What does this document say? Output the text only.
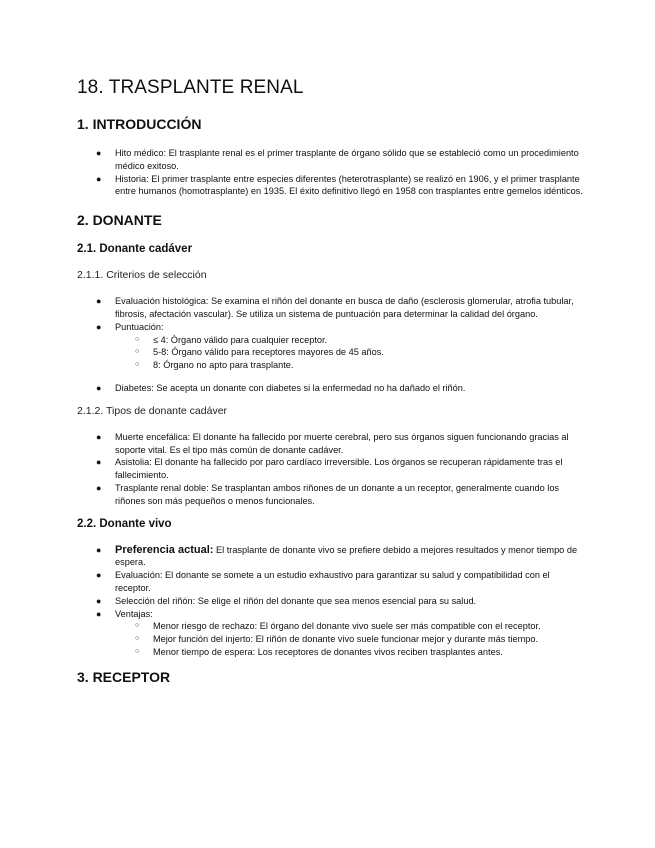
18. TRASPLANTE RENAL
1. INTRODUCCIÓN
● Hito médico: El trasplante renal es el primer trasplante de órgano sólido que se estableció como un procedimiento médico exitoso.
● Historia: El primer trasplante entre especies diferentes (heterotrasplante) se realizó en 1906, y el primer trasplante entre humanos (homotrasplante) en 1935. El éxito definitivo llegó en 1958 con trasplantes entre gemelos idénticos.
2. DONANTE
2.1. Donante cadáver
2.1.1. Criterios de selección
● Evaluación histológica: Se examina el riñón del donante en busca de daño (esclerosis glomerular, atrofia tubular, fibrosis, afectación vascular). Se utiliza un sistema de puntuación para determinar la calidad del órgano.
● Puntuación:
○ ≤ 4: Órgano válido para cualquier receptor.
○ 5-8: Órgano válido para receptores mayores de 45 años.
○ 8: Órgano no apto para trasplante.
● Diabetes: Se acepta un donante con diabetes si la enfermedad no ha dañado el riñón.
2.1.2. Tipos de donante cadáver
● Muerte encefálica: El donante ha fallecido por muerte cerebral, pero sus órganos siguen funcionando gracias al soporte vital. Es el tipo más común de donante cadáver.
● Asistolia: El donante ha fallecido por paro cardíaco irreversible. Los órganos se recuperan rápidamente tras el fallecimiento.
● Trasplante renal doble: Se trasplantan ambos riñones de un donante a un receptor, generalmente cuando los riñones son más pequeños o menos funcionales.
2.2. Donante vivo
● Preferencia actual: El trasplante de donante vivo se prefiere debido a mejores resultados y menor tiempo de espera.
● Evaluación: El donante se somete a un estudio exhaustivo para garantizar su salud y compatibilidad con el receptor.
● Selección del riñón: Se elige el riñón del donante que sea menos esencial para su salud.
● Ventajas:
○ Menor riesgo de rechazo: El órgano del donante vivo suele ser más compatible con el receptor.
○ Mejor función del injerto: El riñón de donante vivo suele funcionar mejor y durante más tiempo.
○ Menor tiempo de espera: Los receptores de donantes vivos reciben trasplantes antes.
3. RECEPTOR
